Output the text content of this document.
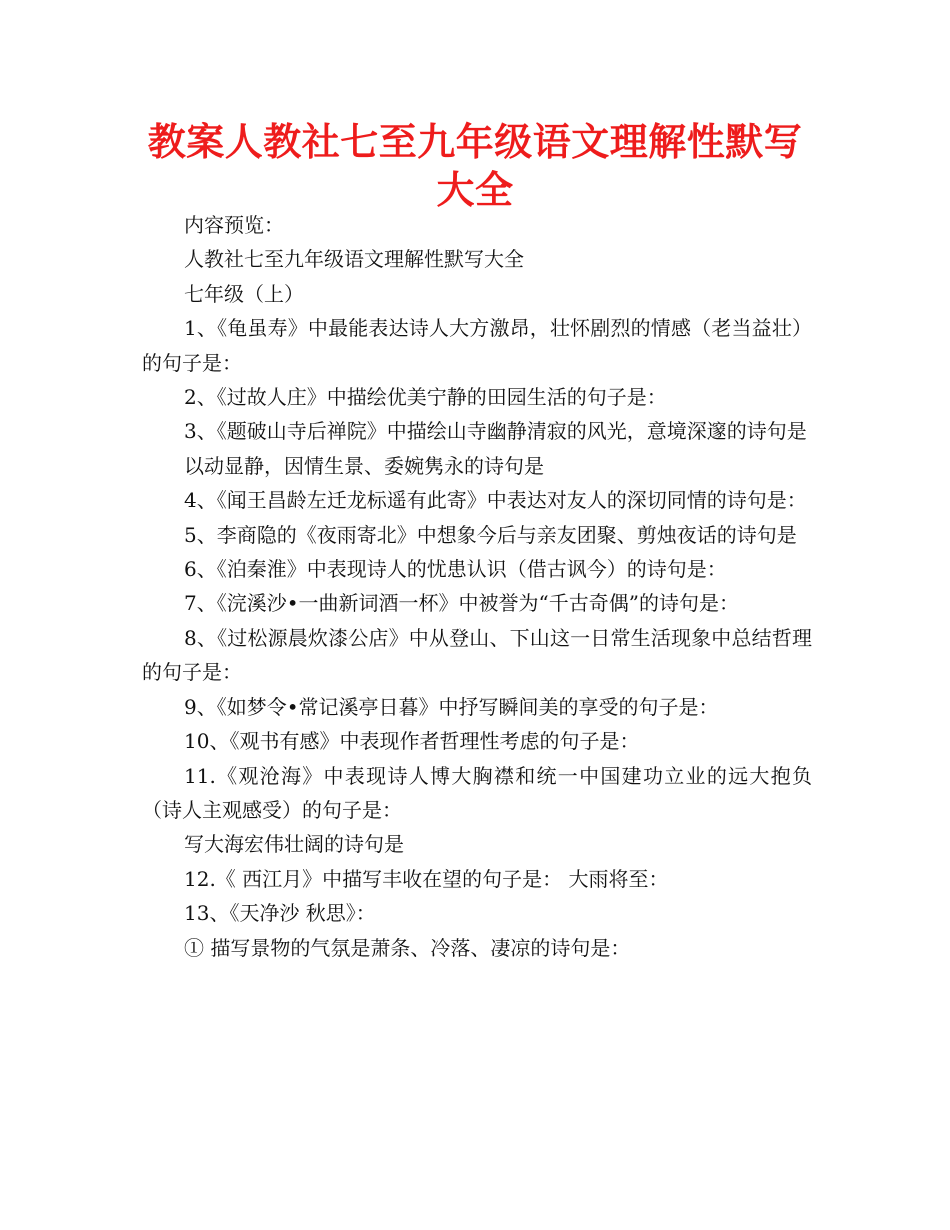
教案人教社七至九年级语文理解性默写大全

内容预览：

人教社七至九年级语文理解性默写大全

七年级（上）

1、《龟虽寿》中最能表达诗人大方激昂，壮怀剧烈的情感（老当益壮）的句子是：

2、《过故人庄》中描绘优美宁静的田园生活的句子是：

3、《题破山寺后禅院》中描绘山寺幽静清寂的风光，意境深邃的诗句是

以动显静，因情生景、委婉隽永的诗句是

4、《闻王昌龄左迁龙标遥有此寄》中表达对友人的深切同情的诗句是：

5、李商隐的《夜雨寄北》中想象今后与亲友团聚、剪烛夜话的诗句是

6、《泊秦淮》中表现诗人的忧患认识（借古讽今）的诗句是：

7、《浣溪沙•一曲新词酒一杯》中被誉为“千古奇偶”的诗句是：

8、《过松源晨炊漆公店》中从登山、下山这一日常生活现象中总结哲理的句子是：

9、《如梦令•常记溪亭日暮》中抒写瞬间美的享受的句子是：

10、《观书有感》中表现作者哲理性考虑的句子是：

11.《观沧海》中表现诗人博大胸襟和统一中国建功立业的远大抱负（诗人主观感受）的句子是：

写大海宏伟壮阔的诗句是

12.《 西江月》中描写丰收在望的句子是： 大雨将至：

13、《天净沙 秋思》：

① 描写景物的气氛是萧条、冷落、凄凉的诗句是：
